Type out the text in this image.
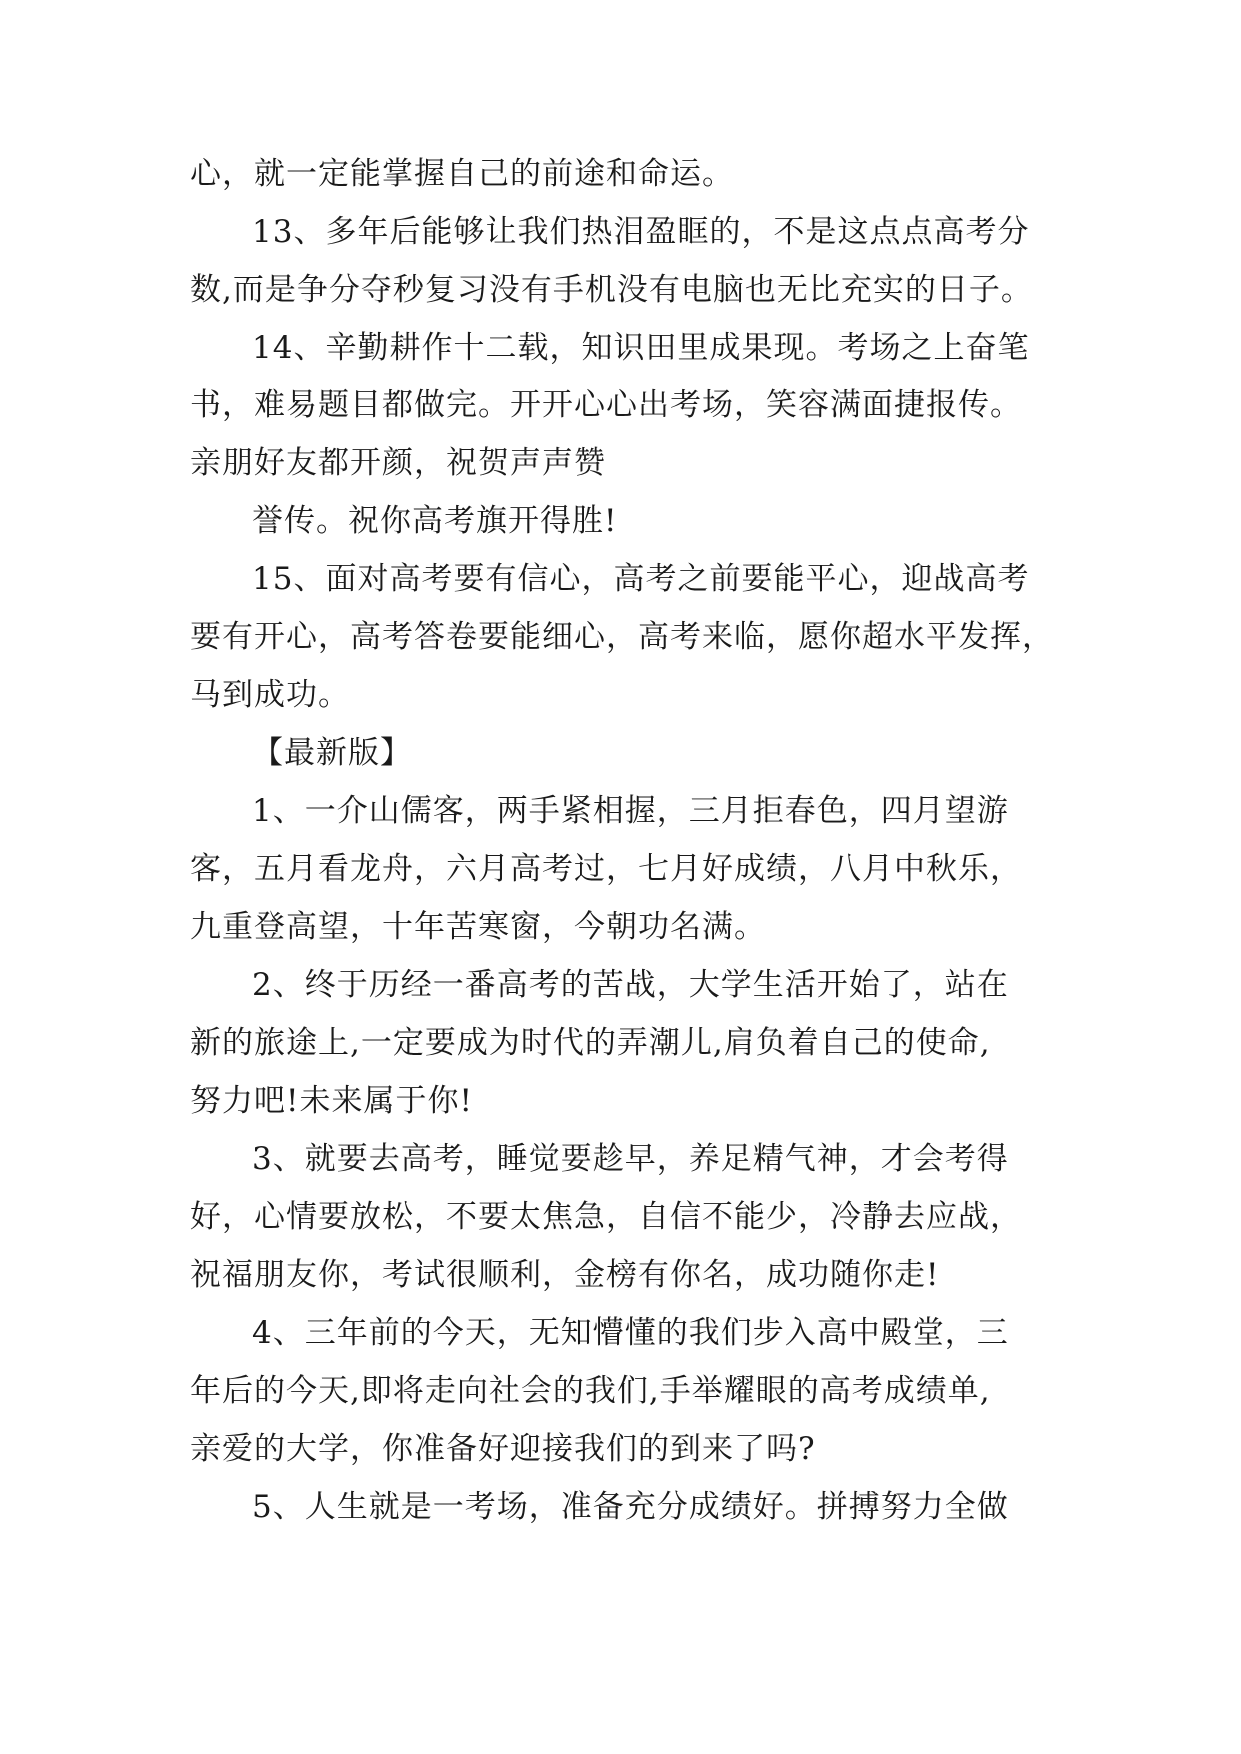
心，就一定能掌握自己的前途和命运。
13、多年后能够让我们热泪盈眶的，不是这点点高考分
数,而是争分夺秒复习没有手机没有电脑也无比充实的日子。
14、辛勤耕作十二载，知识田里成果现。考场之上奋笔
书，难易题目都做完。开开心心出考场，笑容满面捷报传。
亲朋好友都开颜，祝贺声声赞
誉传。祝你高考旗开得胜!
15、面对高考要有信心，高考之前要能平心，迎战高考
要有开心，高考答卷要能细心，高考来临，愿你超水平发挥，
马到成功。
【最新版】
1、一介山儒客，两手紧相握，三月拒春色，四月望游
客，五月看龙舟，六月高考过，七月好成绩，八月中秋乐，
九重登高望，十年苦寒窗，今朝功名满。
2、终于历经一番高考的苦战，大学生活开始了，站在
新的旅途上,一定要成为时代的弄潮儿,肩负着自己的使命,
努力吧!未来属于你!
3、就要去高考，睡觉要趁早，养足精气神，才会考得
好，心情要放松，不要太焦急，自信不能少，冷静去应战，
祝福朋友你，考试很顺利，金榜有你名，成功随你走!
4、三年前的今天，无知懵懂的我们步入高中殿堂，三
年后的今天,即将走向社会的我们,手举耀眼的高考成绩单,
亲爱的大学，你准备好迎接我们的到来了吗?
5、人生就是一考场，准备充分成绩好。拼搏努力全做
